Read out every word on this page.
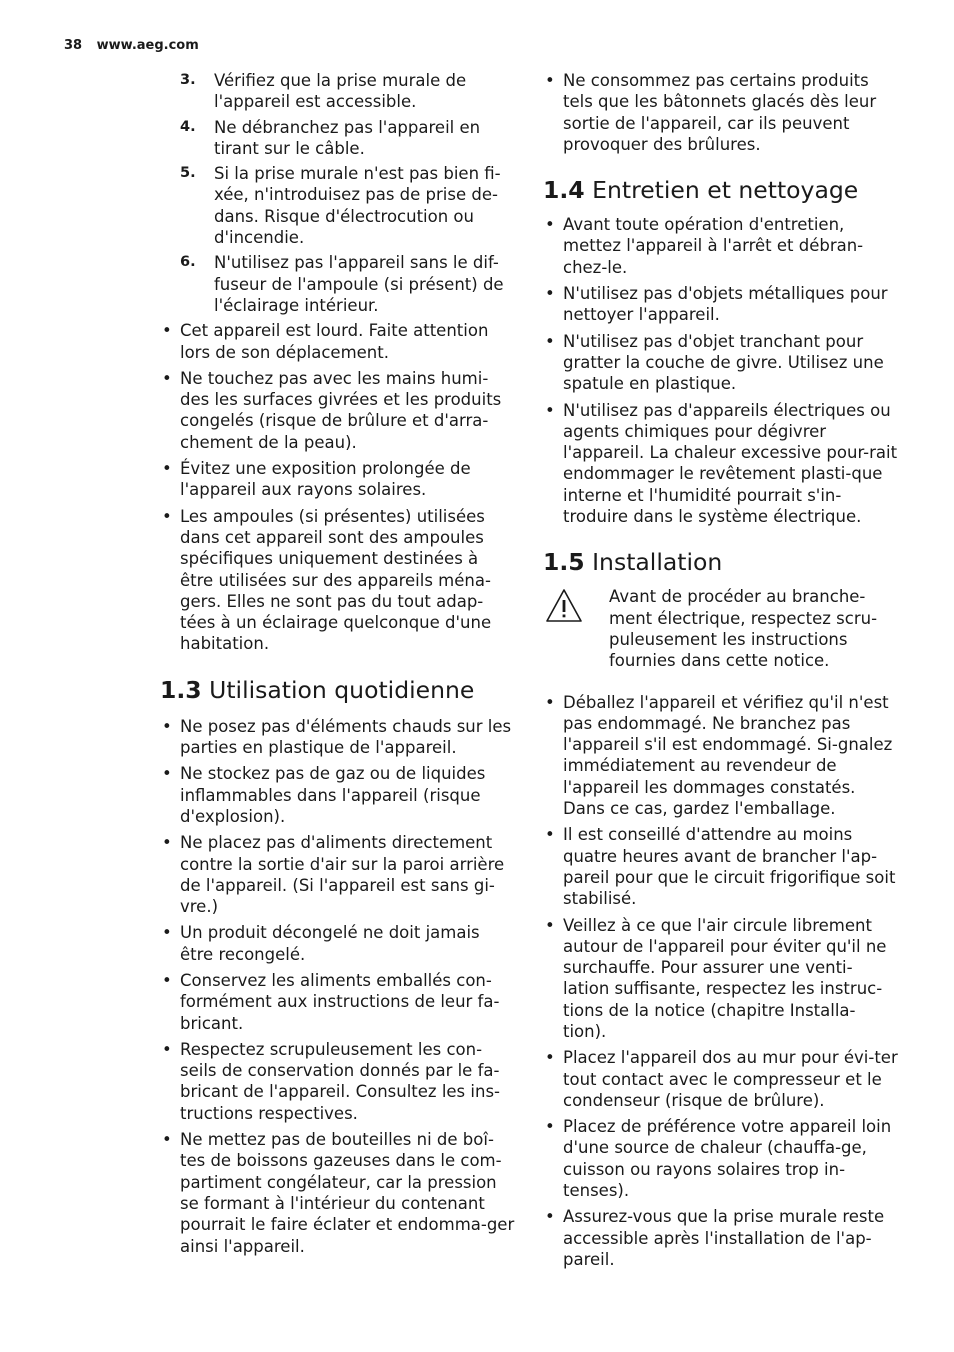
38 www.aeg.com
3. Vérifiez que la prise murale de l'appareil est accessible.
4. Ne débranchez pas l'appareil en tirant sur le câble.
5. Si la prise murale n'est pas bien fi-xée, n'introduisez pas de prise de-dans. Risque d'électrocution ou d'incendie.
6. N'utilisez pas l'appareil sans le dif-fuseur de l'ampoule (si présent) de l'éclairage intérieur.
• Cet appareil est lourd. Faite attention lors de son déplacement.
• Ne touchez pas avec les mains humi-des les surfaces givrées et les produits congelés (risque de brûlure et d'arra-chement de la peau).
• Évitez une exposition prolongée de l'appareil aux rayons solaires.
• Les ampoules (si présentes) utilisées dans cet appareil sont des ampoules spécifiques uniquement destinées à être utilisées sur des appareils ména-gers. Elles ne sont pas du tout adap-tées à un éclairage quelconque d'une habitation.
1.3 Utilisation quotidienne
• Ne posez pas d'éléments chauds sur les parties en plastique de l'appareil.
• Ne stockez pas de gaz ou de liquides inflammables dans l'appareil (risque d'explosion).
• Ne placez pas d'aliments directement contre la sortie d'air sur la paroi arrière de l'appareil. (Si l'appareil est sans gi-vre.)
• Un produit décongelé ne doit jamais être recongelé.
• Conservez les aliments emballés con-formément aux instructions de leur fa-bricant.
• Respectez scrupuleusement les con-seils de conservation donnés par le fa-bricant de l'appareil. Consultez les ins-tructions respectives.
• Ne mettez pas de bouteilles ni de boî-tes de boissons gazeuses dans le com-partiment congélateur, car la pression se formant à l'intérieur du contenant pourrait le faire éclater et endomma-ger ainsi l'appareil.
• Ne consommez pas certains produits tels que les bâtonnets glacés dès leur sortie de l'appareil, car ils peuvent provoquer des brûlures.
1.4 Entretien et nettoyage
• Avant toute opération d'entretien, mettez l'appareil à l'arrêt et débran-chez-le.
• N'utilisez pas d'objets métalliques pour nettoyer l'appareil.
• N'utilisez pas d'objet tranchant pour gratter la couche de givre. Utilisez une spatule en plastique.
• N'utilisez pas d'appareils électriques ou agents chimiques pour dégivrer l'appareil. La chaleur excessive pour-rait endommager le revêtement plasti-que interne et l'humidité pourrait s'in-troduire dans le système électrique.
1.5 Installation
Avant de procéder au branche-ment électrique, respectez scru-puleusement les instructions fournies dans cette notice.
• Déballez l'appareil et vérifiez qu'il n'est pas endommagé. Ne branchez pas l'appareil s'il est endommagé. Si-gnalez immédiatement au revendeur de l'appareil les dommages constatés. Dans ce cas, gardez l'emballage.
• Il est conseillé d'attendre au moins quatre heures avant de brancher l'ap-pareil pour que le circuit frigorifique soit stabilisé.
• Veillez à ce que l'air circule librement autour de l'appareil pour éviter qu'il ne surchauffe. Pour assurer une venti-lation suffisante, respectez les instruc-tions de la notice (chapitre Installa-tion).
• Placez l'appareil dos au mur pour évi-ter tout contact avec le compresseur et le condenseur (risque de brûlure).
• Placez de préférence votre appareil loin d'une source de chaleur (chauffa-ge, cuisson ou rayons solaires trop in-tenses).
• Assurez-vous que la prise murale reste accessible après l'installation de l'ap-pareil.
